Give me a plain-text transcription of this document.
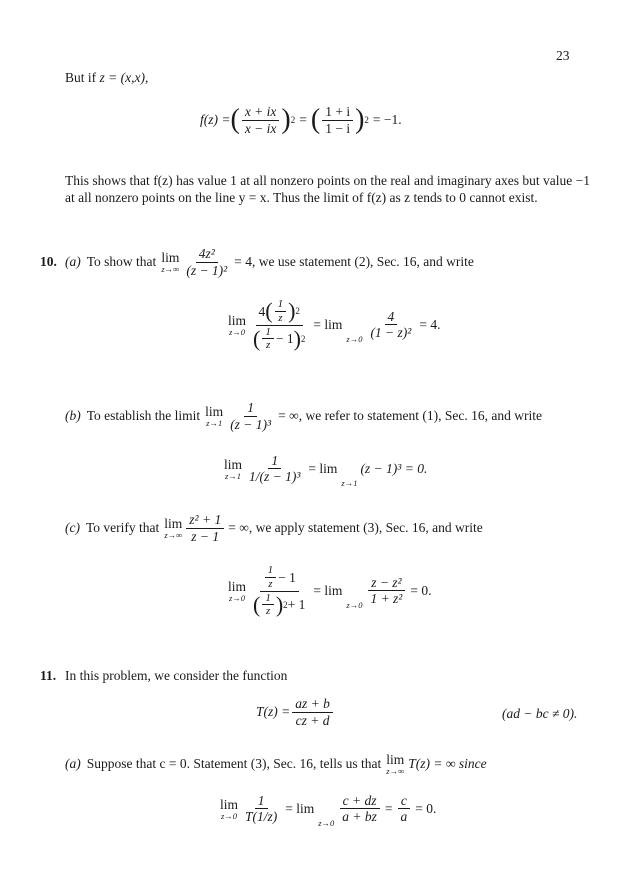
23
But if z = (x,x),
f(z) = ( $\frac{x + ix}{x - ix}$ ) 2 = ( $\frac{1 + i}{1 - i}$ ) 2 = −1.
This shows that f(z) has value 1 at all nonzero points on the real and imaginary axes but value −1 at all nonzero points on the line y = x. Thus the limit of f(z) as z tends to 0 cannot exist.
10. (a) To show that lim
$z\to\infty \frac{\text{4z²}}{\text{(z − 1)²}} = 4$, we use statement (2), Sec. 16, and write
lim
$z\to 0 \frac{4 ( \frac{1}{z} ) 2}{( \frac{1}{z} - 1 ) 2} = \lim$
$z\to 0 \frac{4}{\text{(1 − z)²}} = 4$.
(b) To establish the limit lim
$z\to 1 \frac{1}{\text{(z − 1)³}}$ = ∞, we refer to statement (1), Sec. 16, and write
lim
$z\to 1 \frac{1}{\text{1/(z − 1)³}} = \lim$
z→1
(z − 1)³ = 0.
(c) To verify that lim
$z\to\infty \frac{\text{z² + 1}}{z - 1}$ = ∞, we apply statement (3), Sec. 16, and write
lim
$z\to 0 \frac{\frac{1}{z} - 1}{( \frac{1}{z} ) 2 + 1} = \lim$
$z\to 0 \frac{\text{z − z²}}{\text{1 + z²}} = 0$.
11. In this problem, we consider the function
$T(z) = \frac{az + b}{cz + d}$	(ad − bc ≠ 0).
(a) Suppose that c = 0. Statement (3), Sec. 16, tells us that lim
z→∞ T(z) = ∞ since
lim
$z\to 0 \frac{1}{T(1/z)} = \lim$
$z\to 0 \frac{c + dz}{a + bz} = \frac{c}{a} = 0$.
